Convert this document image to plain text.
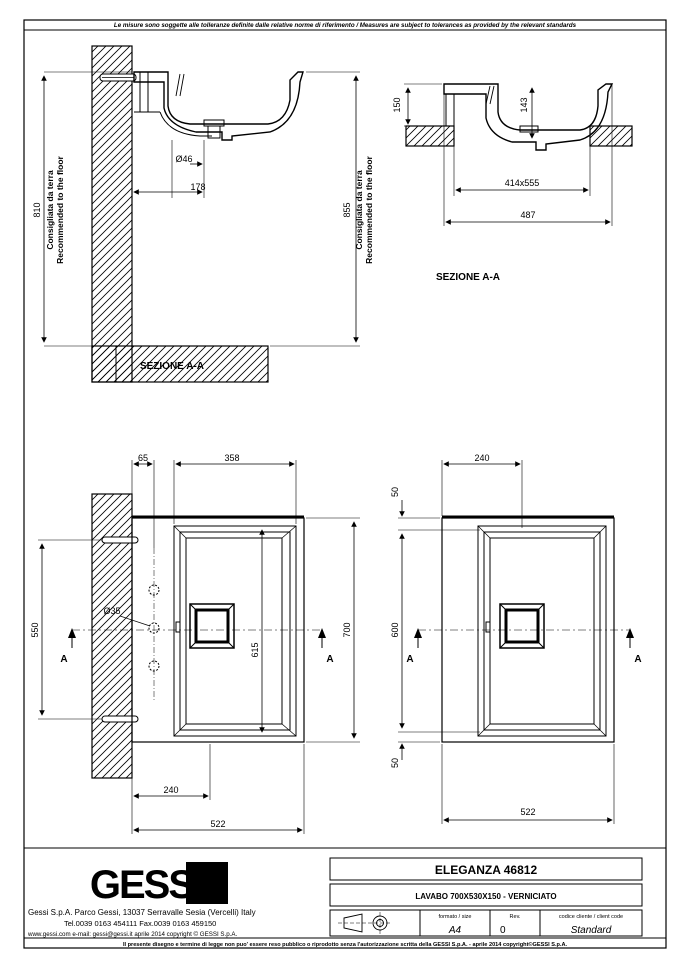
Le misure sono soggette alle tolleranze definite dalle relative norme di riferimento / Measures are subject to tolerances as provided by the relevant standards
Ø46
178
810 Consigliata da terra Recommended to the floor	855 Consigliata da terra Recommended to the floor
SEZIONE A-A
150	143
414x555
487
SEZIONE A-A
65	358
Ø35
550
615
700
240
522
A	A
240
50
600
50
522
A	A
GESSI
Gessi S.p.A. Parco Gessi, 13037 Serravalle Sesia (Vercelli) Italy
Tel.0039 0163 454111 Fax.0039 0163 459150
www.gessi.com e-mail: gessi@gessi.it aprile 2014 copyright © GESSI S.p.A.
ELEGANZA 46812
LAVABO 700X530X150 - VERNICIATO
formato / size
A4
Rev.
0
codice cliente / client code
Standard
Il presente disegno e termine di legge non puo' essere reso pubblico o riprodotto senza l'autorizzazione scritta della GESSI S.p.A. - aprile 2014 copyright©GESSI S.p.A.
